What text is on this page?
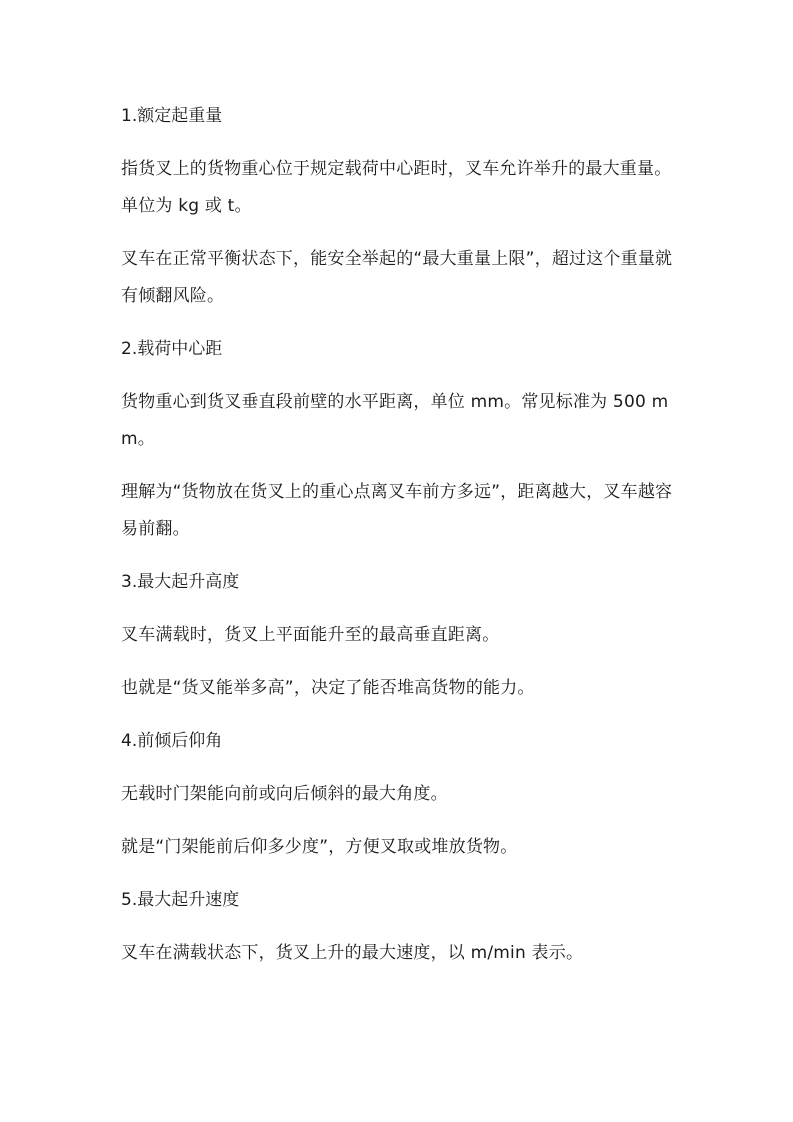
1.额定起重量

指货叉上的货物重心位于规定载荷中心距时，叉车允许举升的最大重量。单位为 kg 或 t。

叉车在正常平衡状态下，能安全举起的“最大重量上限”，超过这个重量就有倾翻风险。

2.载荷中心距

货物重心到货叉垂直段前壁的水平距离，单位 mm。常见标准为 500 mm。

理解为“货物放在货叉上的重心点离叉车前方多远”，距离越大，叉车越容易前翻。

3.最大起升高度

叉车满载时，货叉上平面能升至的最高垂直距离。

也就是“货叉能举多高”，决定了能否堆高货物的能力。

4.前倾后仰角

无载时门架能向前或向后倾斜的最大角度。

就是“门架能前后仰多少度”，方便叉取或堆放货物。

5.最大起升速度

叉车在满载状态下，货叉上升的最大速度，以 m/min 表示。
